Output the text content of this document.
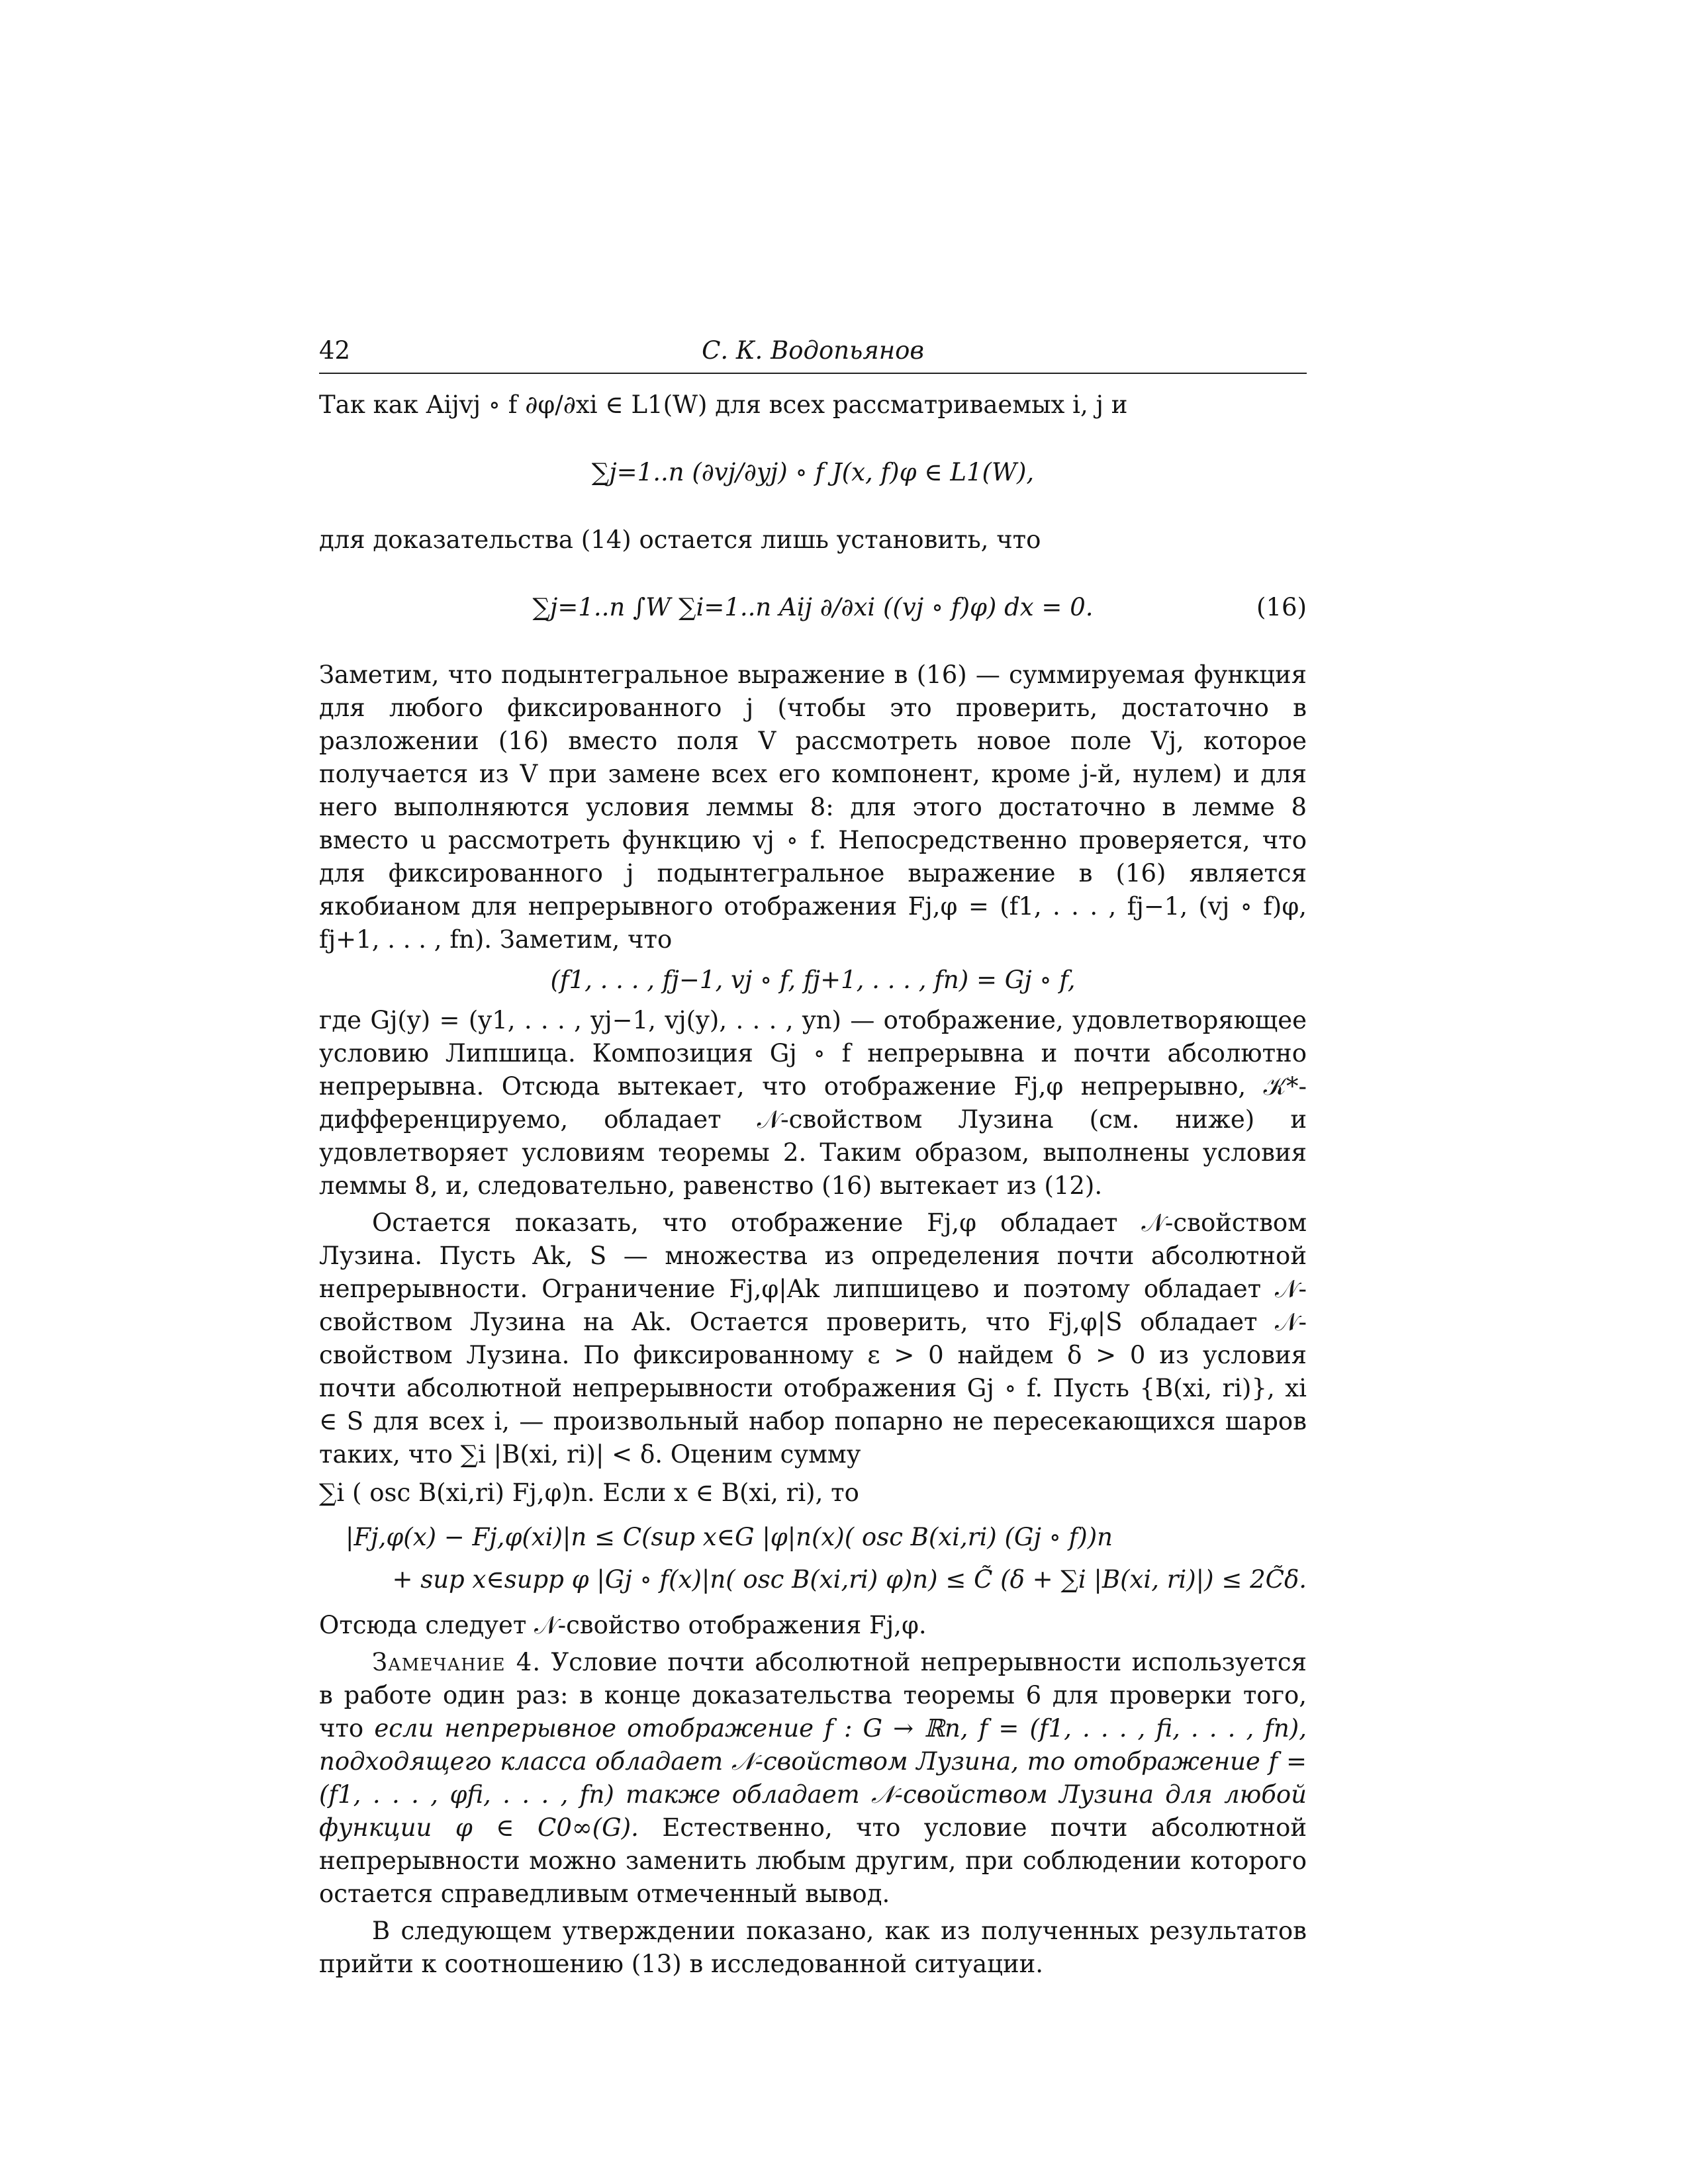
42	С. К. Водопьянов

Так как Aijvj ∘ f ∂φ/∂xi ∈ L1(W) для всех рассматриваемых i, j и

∑j=1..n (∂vj/∂yj) ∘ f J(x, f)φ ∈ L1(W),

для доказательства (14) остается лишь установить, что

∑j=1..n ∫W ∑i=1..n Aij ∂/∂xi ((vj ∘ f)φ) dx = 0.	(16)

Заметим, что подынтегральное выражение в (16) — суммируемая функция для любого фиксированного j (чтобы это проверить, достаточно в разложении (16) вместо поля V рассмотреть новое поле Vj, которое получается из V при замене всех его компонент, кроме j-й, нулем) и для него выполняются условия леммы 8: для этого достаточно в лемме 8 вместо u рассмотреть функцию vj ∘ f. Непосредственно проверяется, что для фиксированного j подынтегральное выражение в (16) является якобианом для непрерывного отображения Fj,φ = (f1, . . . , fj−1, (vj ∘ f)φ, fj+1, . . . , fn). Заметим, что

(f1, . . . , fj−1, vj ∘ f, fj+1, . . . , fn) = Gj ∘ f,

где Gj(y) = (y1, . . . , yj−1, vj(y), . . . , yn) — отображение, удовлетворяющее условию Липшица. Композиция Gj ∘ f непрерывна и почти абсолютно непрерывна. Отсюда вытекает, что отображение Fj,φ непрерывно, 𝒦*-дифференцируемо, обладает 𝒩-свойством Лузина (см. ниже) и удовлетворяет условиям теоремы 2. Таким образом, выполнены условия леммы 8, и, следовательно, равенство (16) вытекает из (12).

Остается показать, что отображение Fj,φ обладает 𝒩-свойством Лузина. Пусть Ak, S — множества из определения почти абсолютной непрерывности. Ограничение Fj,φ|Ak липшицево и поэтому обладает 𝒩-свойством Лузина на Ak. Остается проверить, что Fj,φ|S обладает 𝒩-свойством Лузина. По фиксированному ε > 0 найдем δ > 0 из условия почти абсолютной непрерывности отображения Gj ∘ f. Пусть {B(xi, ri)}, xi ∈ S для всех i, — произвольный набор попарно не пересекающихся шаров таких, что ∑i |B(xi, ri)| < δ. Оценим сумму

∑i ( osc B(xi,ri) Fj,φ)n. Если x ∈ B(xi, ri), то

|Fj,φ(x) − Fj,φ(xi)|n ≤ C(sup x∈G |φ|n(x)( osc B(xi,ri) (Gj ∘ f))n
+ sup x∈supp φ |Gj ∘ f(x)|n( osc B(xi,ri) φ)n) ≤ C̃ (δ + ∑i |B(xi, ri)|) ≤ 2C̃δ.

Отсюда следует 𝒩-свойство отображения Fj,φ.

Замечание 4. Условие почти абсолютной непрерывности используется в работе один раз: в конце доказательства теоремы 6 для проверки того, что если непрерывное отображение f : G → ℝn, f = (f1, . . . , fi, . . . , fn), подходящего класса обладает 𝒩-свойством Лузина, то отображение f = (f1, . . . , φfi, . . . , fn) также обладает 𝒩-свойством Лузина для любой функции φ ∈ C0∞(G). Естественно, что условие почти абсолютной непрерывности можно заменить любым другим, при соблюдении которого остается справедливым отмеченный вывод.

В следующем утверждении показано, как из полученных результатов прийти к соотношению (13) в исследованной ситуации.
